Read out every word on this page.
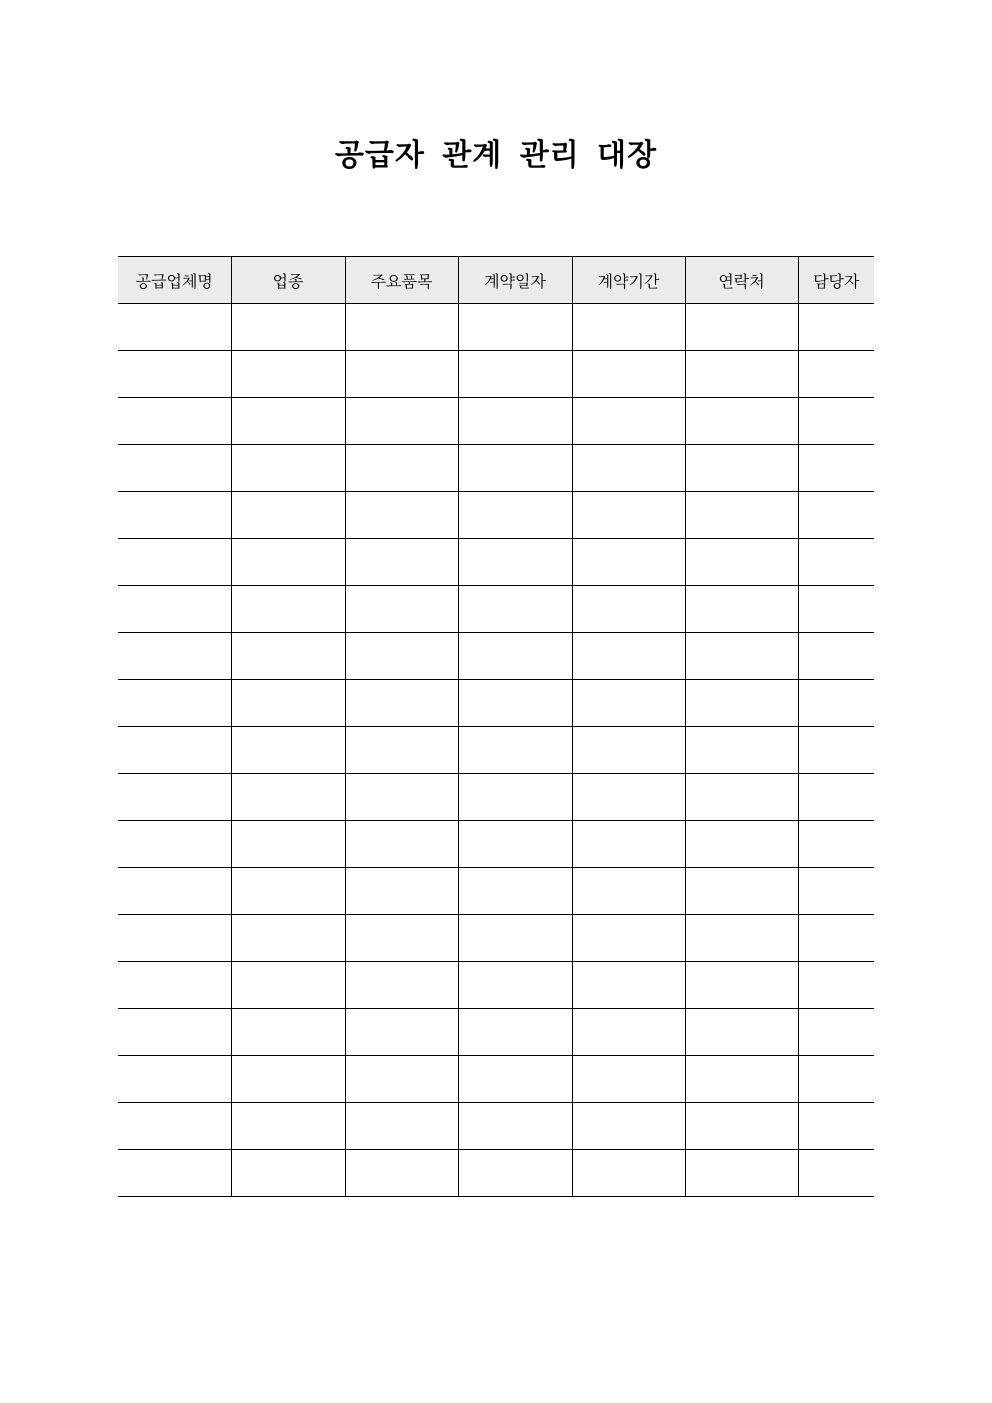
공급자 관계 관리 대장
공급업체명	업종	주요품목	계약일자	계약기간	연락처	담당자
